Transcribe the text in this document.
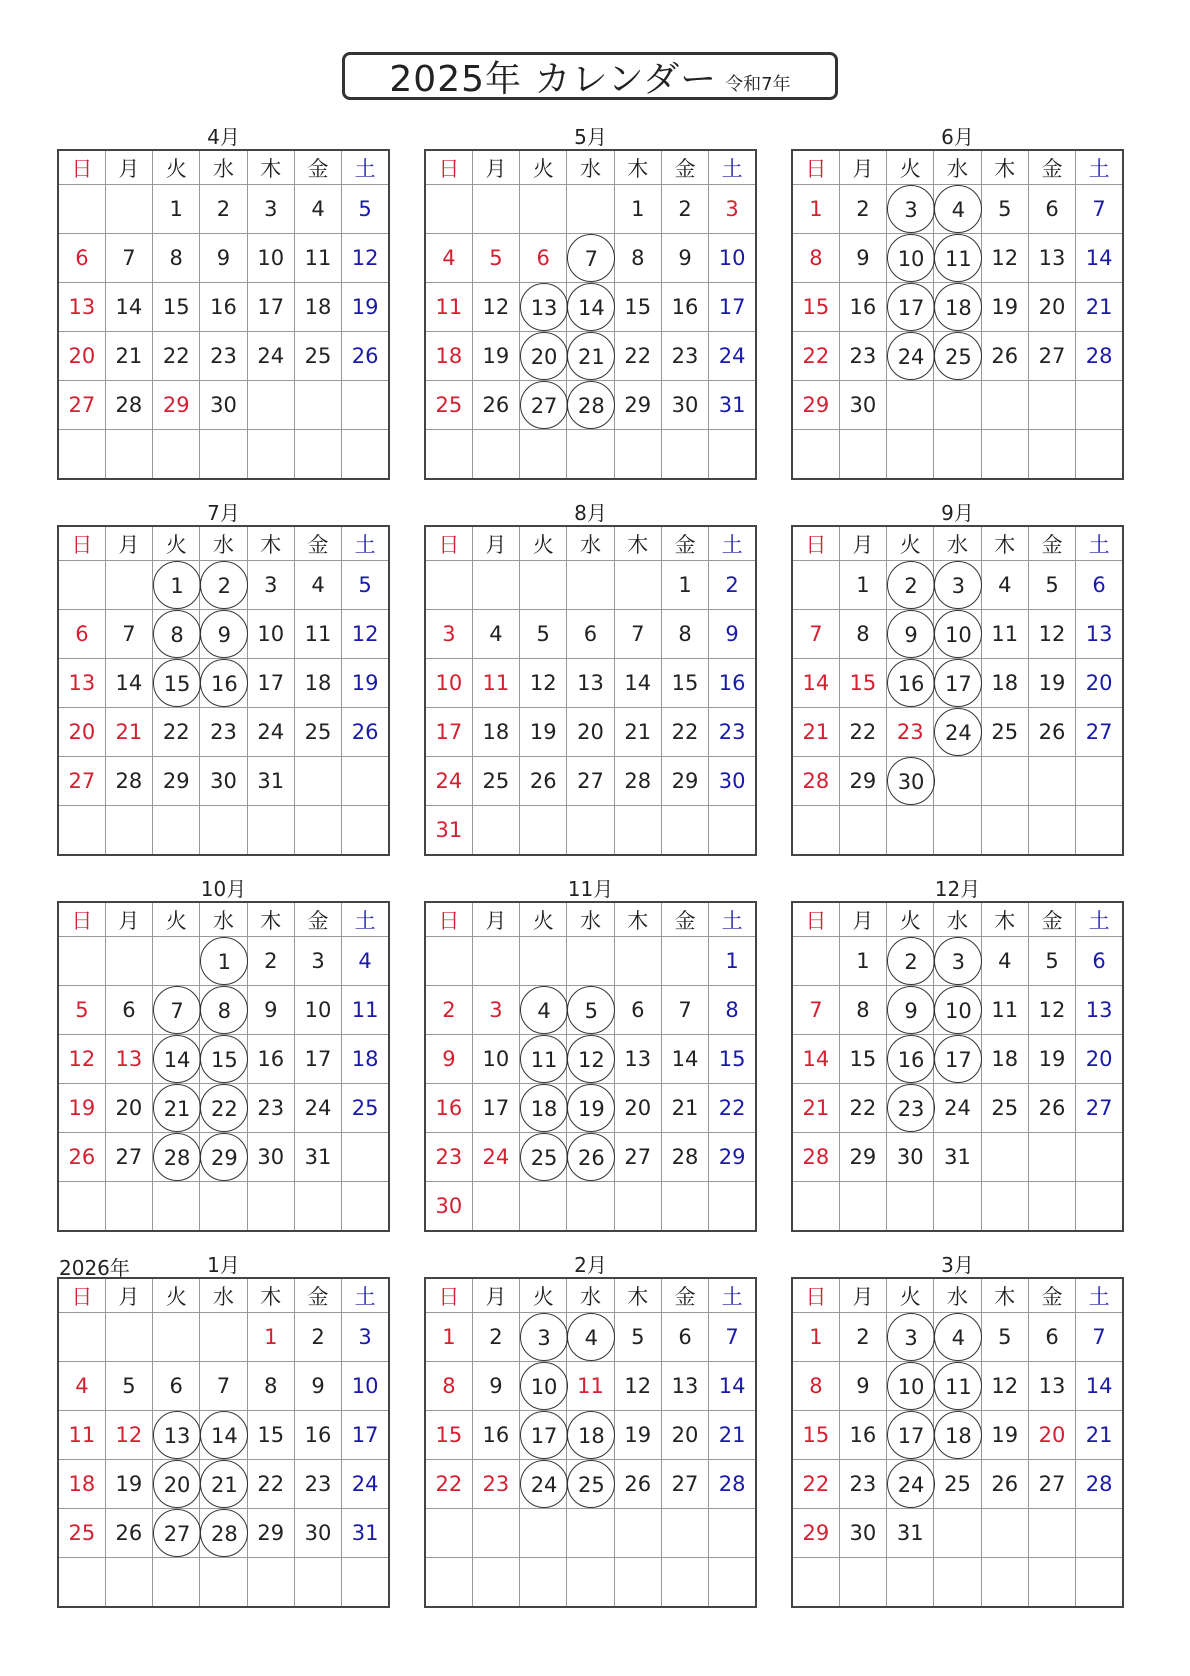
2025年 カレンダー 令和7年
4月
日	月	火	水	木	金	土
		1	2	3	4	5
6	7	8	9	10	11	12
13	14	15	16	17	18	19
20	21	22	23	24	25	26
27	28	29	30			

5月
日	月	火	水	木	金	土
				1	2	3
4	5	6	7	8	9	10
11	12	13	14	15	16	17
18	19	20	21	22	23	24
25	26	27	28	29	30	31

6月
日	月	火	水	木	金	土
1	2	3	4	5	6	7
8	9	10	11	12	13	14
15	16	17	18	19	20	21
22	23	24	25	26	27	28
29	30					

7月
日	月	火	水	木	金	土
		1	2	3	4	5
6	7	8	9	10	11	12
13	14	15	16	17	18	19
20	21	22	23	24	25	26
27	28	29	30	31		

8月
日	月	火	水	木	金	土
					1	2
3	4	5	6	7	8	9
10	11	12	13	14	15	16
17	18	19	20	21	22	23
24	25	26	27	28	29	30
31						
9月
日	月	火	水	木	金	土
	1	2	3	4	5	6
7	8	9	10	11	12	13
14	15	16	17	18	19	20
21	22	23	24	25	26	27
28	29	30				

10月
日	月	火	水	木	金	土
			1	2	3	4
5	6	7	8	9	10	11
12	13	14	15	16	17	18
19	20	21	22	23	24	25
26	27	28	29	30	31	

11月
日	月	火	水	木	金	土
						1
2	3	4	5	6	7	8
9	10	11	12	13	14	15
16	17	18	19	20	21	22
23	24	25	26	27	28	29
30						
12月
日	月	火	水	木	金	土
	1	2	3	4	5	6
7	8	9	10	11	12	13
14	15	16	17	18	19	20
21	22	23	24	25	26	27
28	29	30	31			

1月
2026年
日	月	火	水	木	金	土
				1	2	3
4	5	6	7	8	9	10
11	12	13	14	15	16	17
18	19	20	21	22	23	24
25	26	27	28	29	30	31

2月
日	月	火	水	木	金	土
1	2	3	4	5	6	7
8	9	10	11	12	13	14
15	16	17	18	19	20	21
22	23	24	25	26	27	28

3月
日	月	火	水	木	金	土
1	2	3	4	5	6	7
8	9	10	11	12	13	14
15	16	17	18	19	20	21
22	23	24	25	26	27	28
29	30	31				
